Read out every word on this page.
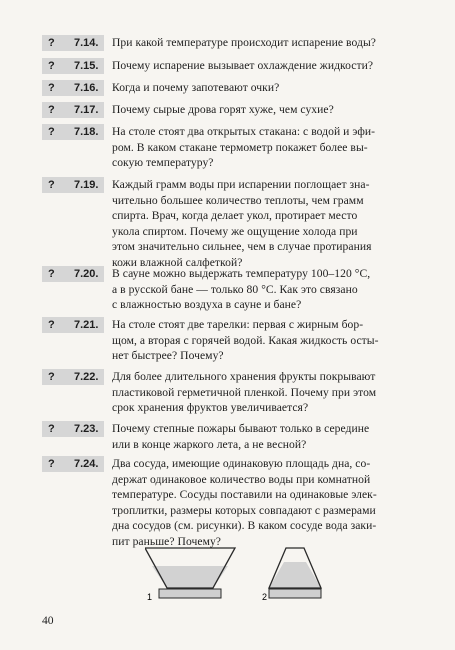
?	7.14. При какой температуре происходит испарение воды?
?	7.15. Почему испарение вызывает охлаждение жидкости?
?	7.16. Когда и почему запотевают очки?
?	7.17. Почему сырые дрова горят хуже, чем сухие?
?	7.18. На столе стоят два открытых стакана: с водой и эфи-
ром. В каком стакане термометр покажет более вы-
сокую температуру?
?	7.19. Каждый грамм воды при испарении поглощает зна-
чительно большее количество теплоты, чем грамм
спирта. Врач, когда делает укол, протирает место
укола спиртом. Почему же ощущение холода при
этом значительно сильнее, чем в случае протирания
кожи влажной салфеткой?
?	7.20. В сауне можно выдержать температуру 100–120 °С,
а в русской бане — только 80 °С. Как это связано
с влажностью воздуха в сауне и бане?
?	7.21. На столе стоят две тарелки: первая с жирным бор-
щом, а вторая с горячей водой. Какая жидкость осты-
нет быстрее? Почему?
?	7.22. Для более длительного хранения фрукты покрывают
пластиковой герметичной пленкой. Почему при этом
срок хранения фруктов увеличивается?
?	7.23. Почему степные пожары бывают только в середине
или в конце жаркого лета, а не весной?
?	7.24. Два сосуда, имеющие одинаковую площадь дна, со-
держат одинаковое количество воды при комнатной
температуре. Сосуды поставили на одинаковые элек-
троплитки, размеры которых совпадают с размерами
дна сосудов (см. рисунки). В каком сосуде вода заки-
пит раньше? Почему?
1	2
40
